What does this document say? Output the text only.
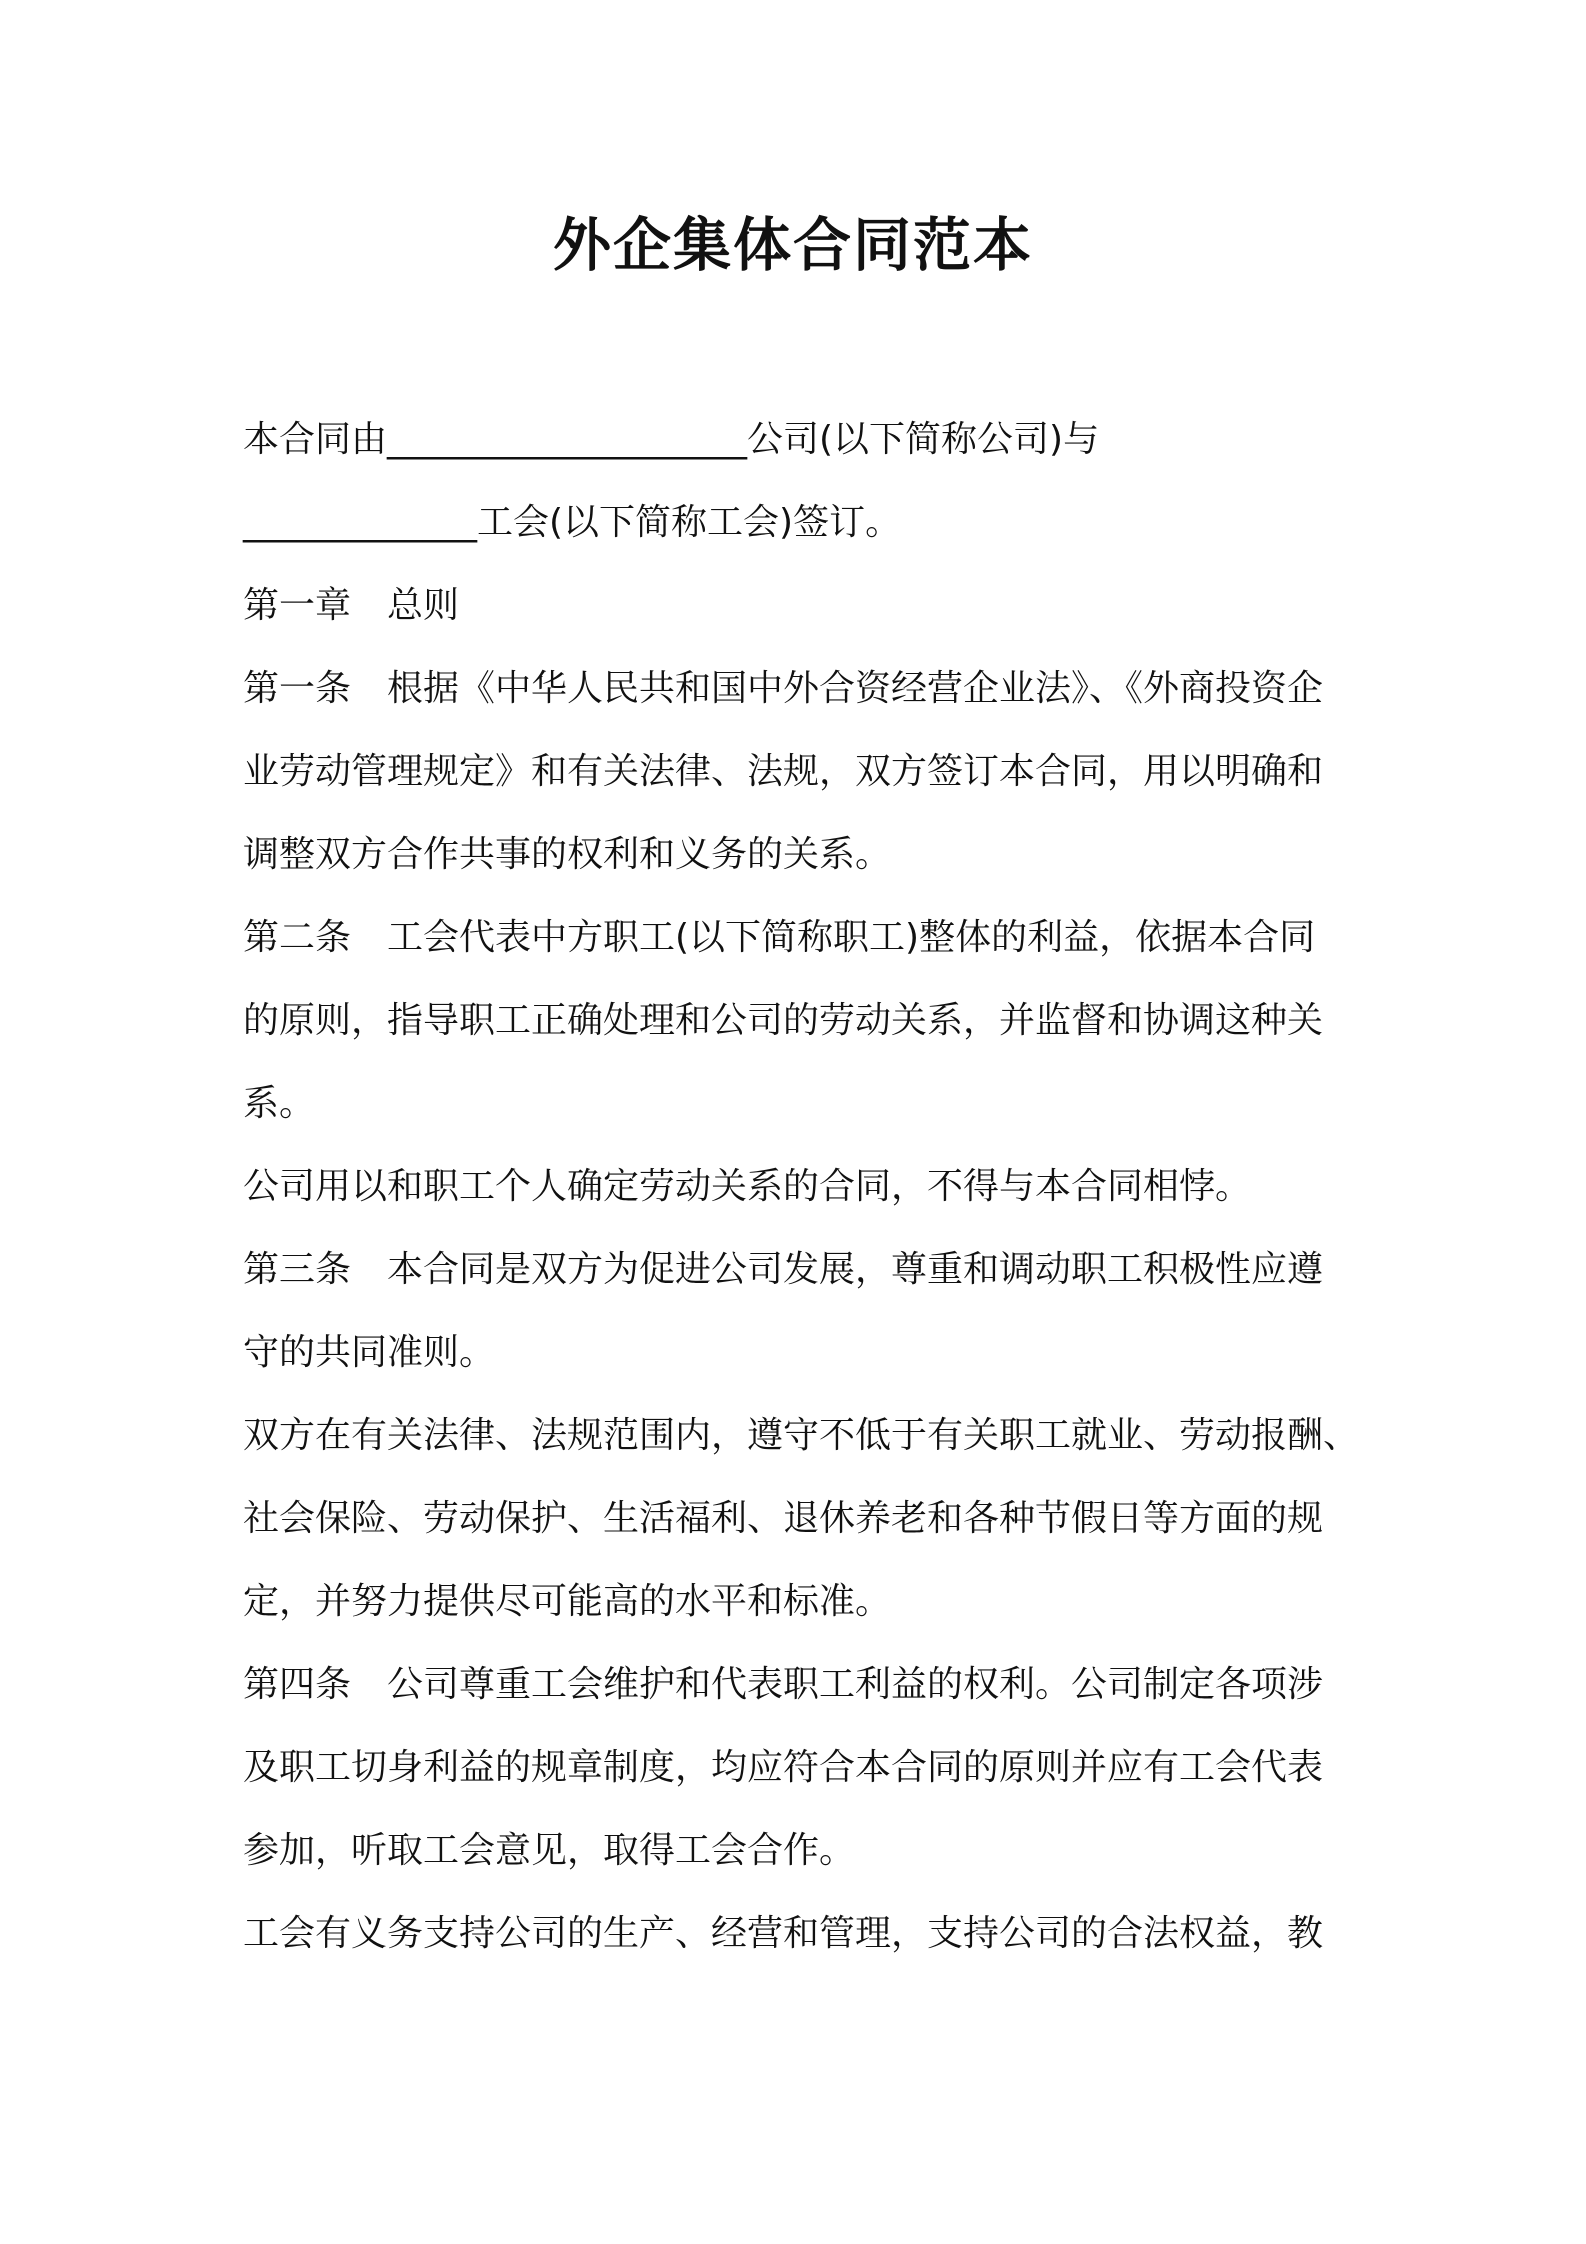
外企集体合同范本
本合同由____________________公司(以下简称公司)与
_____________工会(以下简称工会)签订。
第一章　总则
第一条　根据《中华人民共和国中外合资经营企业法》、《外商投资企
业劳动管理规定》和有关法律、法规，双方签订本合同，用以明确和
调整双方合作共事的权利和义务的关系。
第二条　工会代表中方职工(以下简称职工)整体的利益，依据本合同
的原则，指导职工正确处理和公司的劳动关系，并监督和协调这种关
系。
公司用以和职工个人确定劳动关系的合同，不得与本合同相悖。
第三条　本合同是双方为促进公司发展，尊重和调动职工积极性应遵
守的共同准则。
双方在有关法律、法规范围内，遵守不低于有关职工就业、劳动报酬、
社会保险、劳动保护、生活福利、退休养老和各种节假日等方面的规
定，并努力提供尽可能高的水平和标准。
第四条　公司尊重工会维护和代表职工利益的权利。公司制定各项涉
及职工切身利益的规章制度，均应符合本合同的原则并应有工会代表
参加，听取工会意见，取得工会合作。
工会有义务支持公司的生产、经营和管理，支持公司的合法权益，教
